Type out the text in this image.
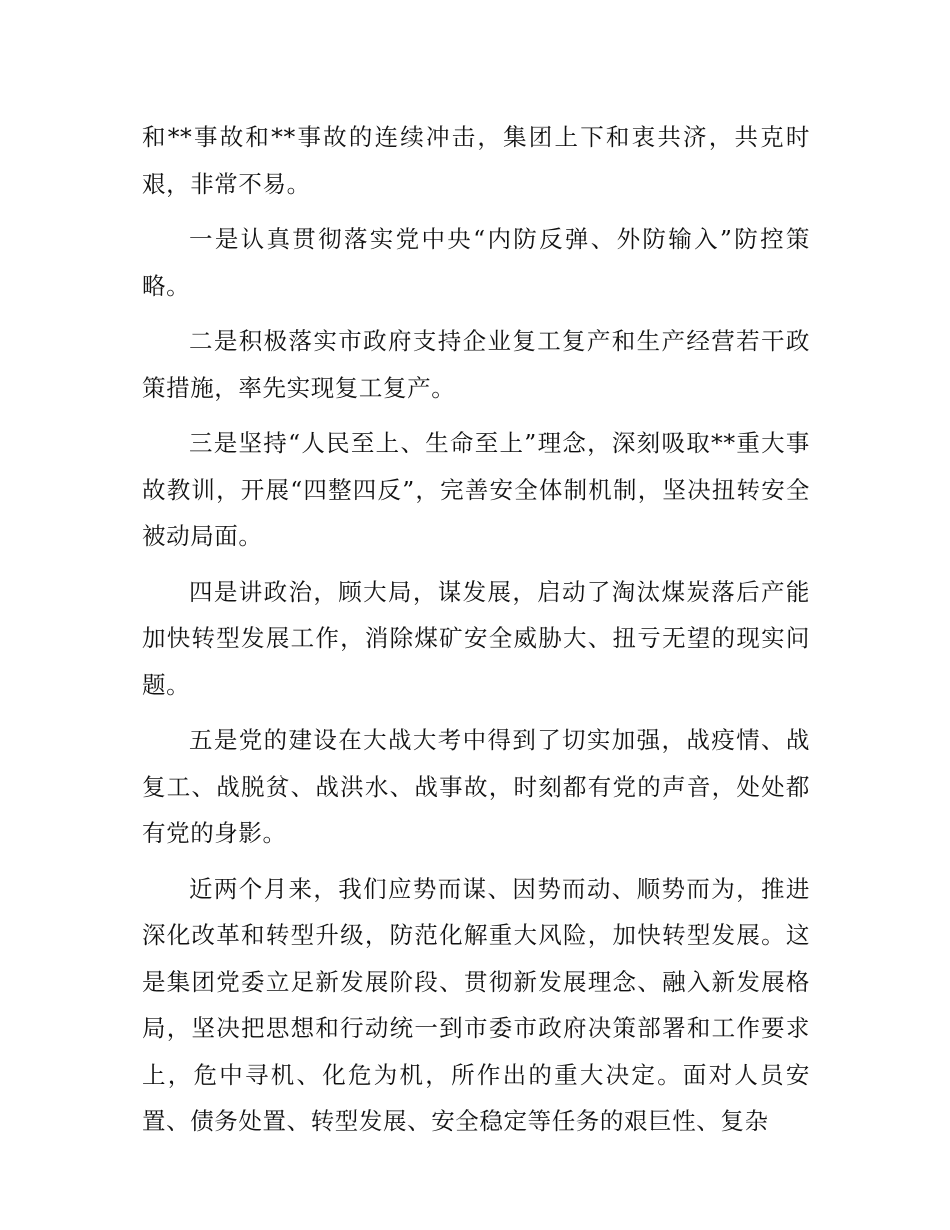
和**事故和**事故的连续冲击，集团上下和衷共济，共克时艰，非常不易。

一是认真贯彻落实党中央“内防反弹、外防输入”防控策略。

二是积极落实市政府支持企业复工复产和生产经营若干政策措施，率先实现复工复产。

三是坚持“人民至上、生命至上”理念，深刻吸取**重大事故教训，开展“四整四反”，完善安全体制机制，坚决扭转安全被动局面。

四是讲政治，顾大局，谋发展，启动了淘汰煤炭落后产能加快转型发展工作，消除煤矿安全威胁大、扭亏无望的现实问题。

五是党的建设在大战大考中得到了切实加强，战疫情、战复工、战脱贫、战洪水、战事故，时刻都有党的声音，处处都有党的身影。

近两个月来，我们应势而谋、因势而动、顺势而为，推进深化改革和转型升级，防范化解重大风险，加快转型发展。这是集团党委立足新发展阶段、贯彻新发展理念、融入新发展格局，坚决把思想和行动统一到市委市政府决策部署和工作要求上，危中寻机、化危为机，所作出的重大决定。面对人员安置、债务处置、转型发展、安全稳定等任务的艰巨性、复杂
